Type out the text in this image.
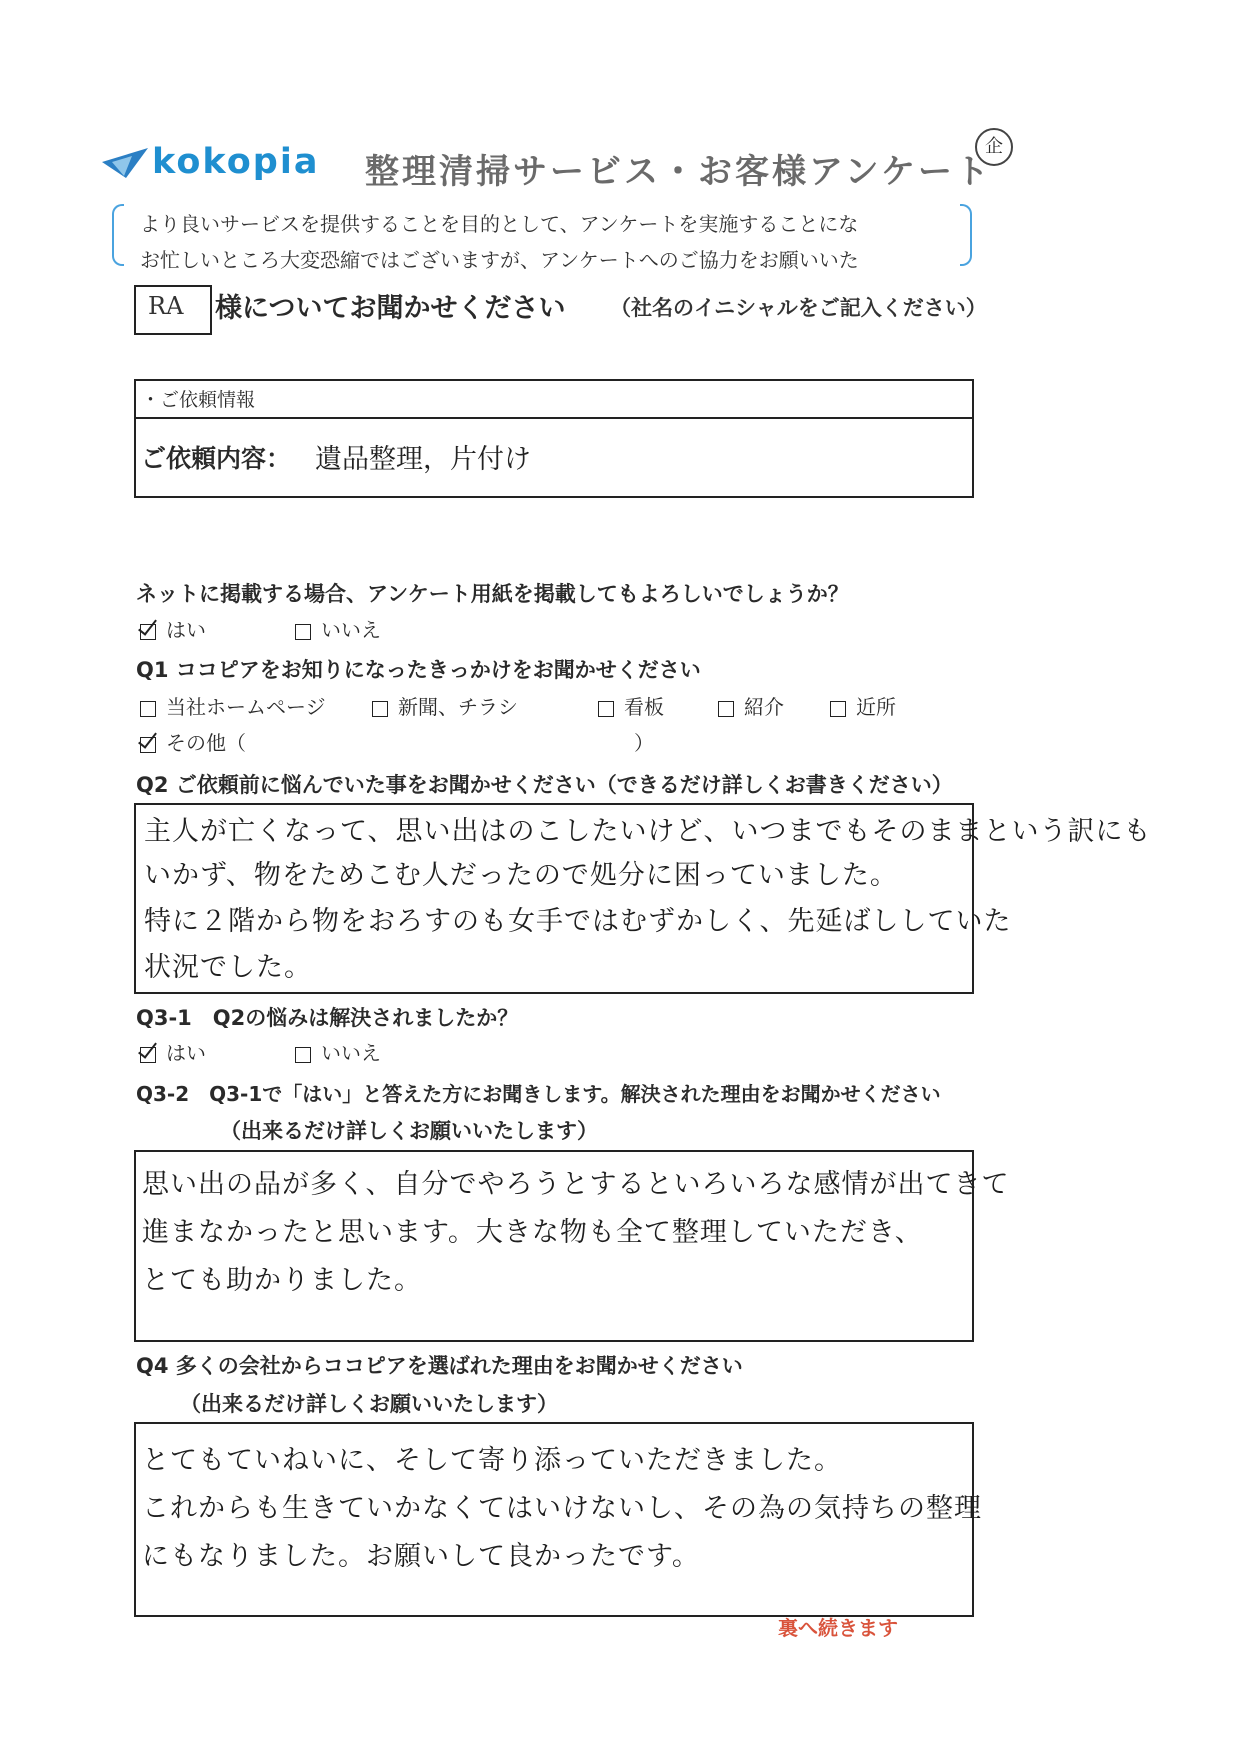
kokopia 整理清掃サービス・お客様アンケート
企
より良いサービスを提供することを目的として、アンケートを実施することにな
お忙しいところ大変恐縮ではございますが、アンケートへのご協力をお願いいた
RA 様についてお聞かせください （社名のイニシャルをご記入ください）
・ご依頼情報
ご依頼内容： 遺品整理，片付け
ネットに掲載する場合、アンケート用紙を掲載してもよろしいでしょうか？
はい	いいえ
Q1 ココピアをお知りになったきっかけをお聞かせください
当社ホームページ	新聞、チラシ	看板	紹介	近所
その他（	）
Q2 ご依頼前に悩んでいた事をお聞かせください（できるだけ詳しくお書きください）
主人が亡くなって、思い出はのこしたいけど、いつまでもそのままという訳にも
いかず、物をためこむ人だったので処分に困っていました。
特に２階から物をおろすのも女手ではむずかしく、先延ばししていた
状況でした。
Q3-1　Q2の悩みは解決されましたか？
はい	いいえ
Q3-2　Q3-1で「はい」と答えた方にお聞きします。解決された理由をお聞かせください
（出来るだけ詳しくお願いいたします）
思い出の品が多く、自分でやろうとするといろいろな感情が出てきて
進まなかったと思います。大きな物も全て整理していただき、
とても助かりました。
Q4 多くの会社からココピアを選ばれた理由をお聞かせください
（出来るだけ詳しくお願いいたします）
とてもていねいに、そして寄り添っていただきました。
これからも生きていかなくてはいけないし、その為の気持ちの整理
にもなりました。お願いして良かったです。
裏へ続きます
